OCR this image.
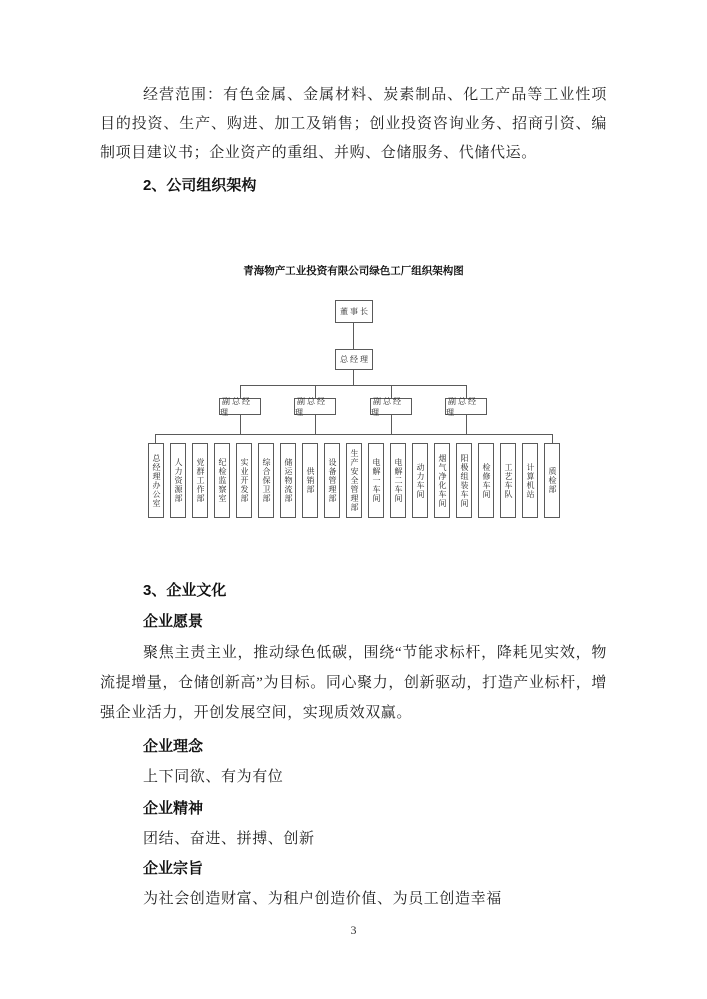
经营范围：有色金属、金属材料、炭素制品、化工产品等工业性项目的投资、生产、购进、加工及销售；创业投资咨询业务、招商引资、编制项目建议书；企业资产的重组、并购、仓储服务、代储代运。

2、公司组织架构
青海物产工业投资有限公司绿色工厂组织架构图
董事长
总经理
副总经理
副总经理
副总经理
副总经理
总经理办公室	人力资源部	党群工作部	纪检监察室	实业开发部	综合保卫部	储运物流部	供销部	设备管理部	生产安全管理部	电解一车间	电解二车间	动力车间	烟气净化车间	阳极组装车间	检修车间	工艺车队	计算机站	质检部
3、企业文化
企业愿景

聚焦主责主业，推动绿色低碳，围绕“节能求标杆，降耗见实效，物流提增量，仓储创新高”为目标。同心聚力，创新驱动，打造产业标杆，增强企业活力，开创发展空间，实现质效双赢。

企业理念

上下同欲、有为有位

企业精神

团结、奋进、拼搏、创新

企业宗旨

为社会创造财富、为租户创造价值、为员工创造幸福

3
